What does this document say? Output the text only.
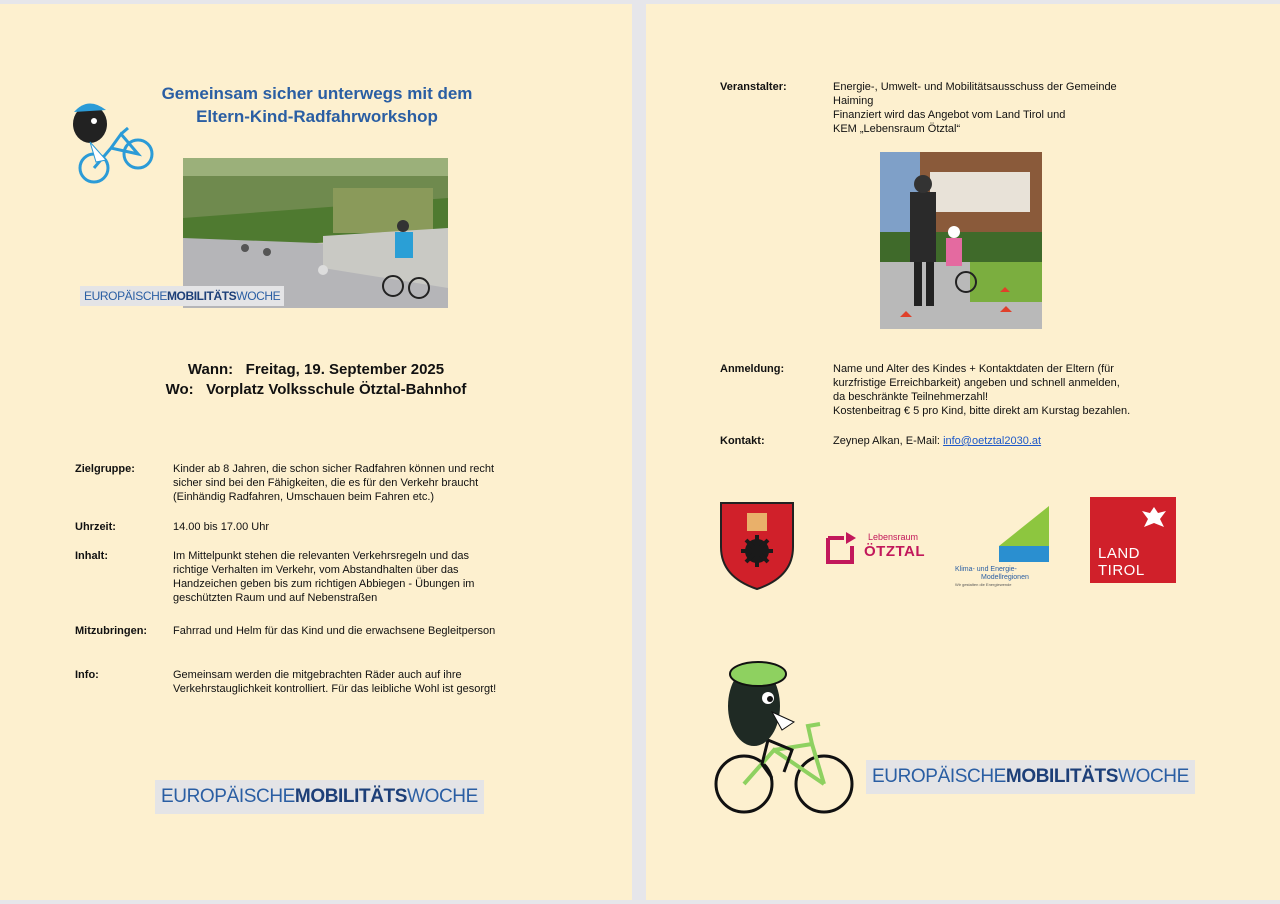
Gemeinsam sicher unterwegs mit dem
Eltern-Kind-Radfahrworkshop
EUROPÄISCHEMOBILITÄTSWOCHE
Wann: Freitag, 19. September 2025
Wo: Vorplatz Volksschule Ötztal-Bahnhof
Zielgruppe:	Kinder ab 8 Jahren, die schon sicher Radfahren können und recht
sicher sind bei den Fähigkeiten, die es für den Verkehr braucht
(Einhändig Radfahren, Umschauen beim Fahren etc.)
Uhrzeit:	14.00 bis 17.00 Uhr
Inhalt:	Im Mittelpunkt stehen die relevanten Verkehrsregeln und das
richtige Verhalten im Verkehr, vom Abstandhalten über das
Handzeichen geben bis zum richtigen Abbiegen - Übungen im
geschützten Raum und auf Nebenstraßen
Mitzubringen: Fahrrad und Helm für das Kind und die erwachsene Begleitperson
Info:	Gemeinsam werden die mitgebrachten Räder auch auf ihre
Verkehrstauglichkeit kontrolliert. Für das leibliche Wohl ist gesorgt!
EUROPÄISCHEMOBILITÄTSWOCHE
Veranstalter:	Energie-, Umwelt- und Mobilitätsausschuss der Gemeinde
Haiming
Finanziert wird das Angebot vom Land Tirol und
KEM „Lebensraum Ötztal“
Anmeldung:	Name und Alter des Kindes + Kontaktdaten der Eltern (für
kurzfristige Erreichbarkeit) angeben und schnell anmelden,
da beschränkte Teilnehmerzahl!
Kostenbeitrag € 5 pro Kind, bitte direkt am Kurstag bezahlen.
Kontakt:	Zeynep Alkan, E-Mail: info@oetztal2030.at
Lebensraum
ÖTZTAL
Klima- und Energie-
Modellregionen
Wir gestalten die Energiewende
LAND
TIROL
EUROPÄISCHEMOBILITÄTSWOCHE
